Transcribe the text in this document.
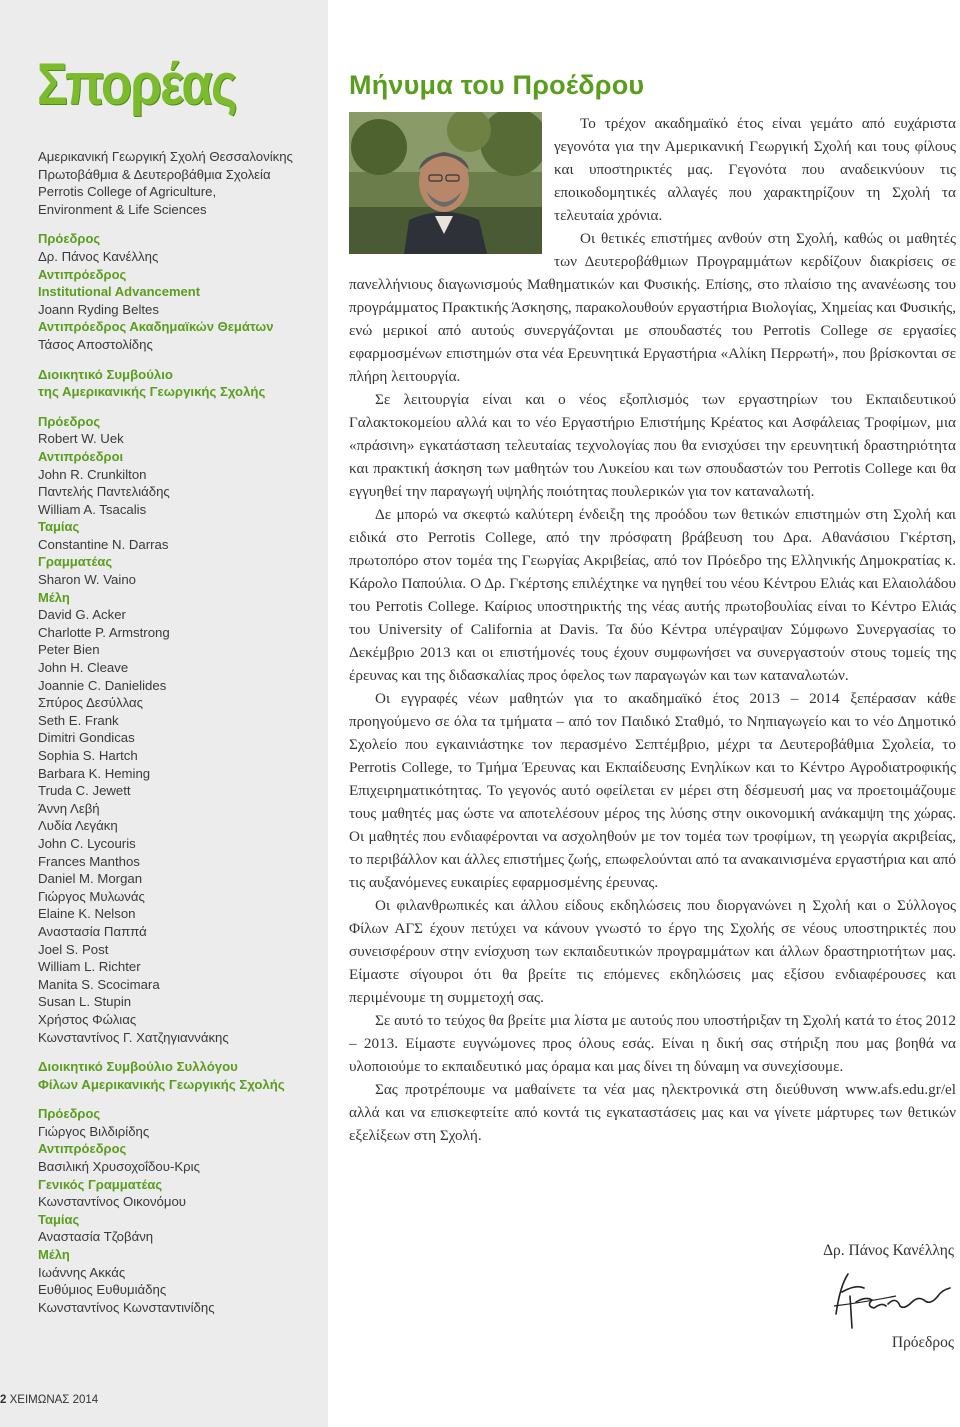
Σπορέας

Αμερικανική Γεωργική Σχολή Θεσσαλονίκης

Πρωτοβάθμια & Δευτεροβάθμια Σχολεία

Perrotis College of Agriculture,

Environment & Life Sciences

Πρόεδρος

Δρ. Πάνος Κανέλλης

Αντιπρόεδρος

Institutional Advancement

Joann Ryding Beltes

Αντιπρόεδρος Ακαδημαϊκών Θεμάτων

Τάσος Αποστολίδης

Διοικητικό Συμβούλιο

της Αμερικανικής Γεωργικής Σχολής

Πρόεδρος

Robert W. Uek

Αντιπρόεδροι

John R. Crunkilton

Παντελής Παντελιάδης

William A. Tsacalis

Ταμίας

Constantine N. Darras

Γραμματέας

Sharon W. Vaino

Μέλη

David G. Acker

Charlotte P. Armstrong

Peter Bien

John H. Cleave

Joannie C. Danielides

Σπύρος Δεσύλλας

Seth E. Frank

Dimitri Gondicas

Sophia S. Hartch

Barbara K. Heming

Truda C. Jewett

Άννη Λεβή

Λυδία Λεγάκη

John C. Lycouris

Frances Manthos

Daniel M. Morgan

Γιώργος Μυλωνάς

Elaine K. Nelson

Αναστασία Παππά

Joel S. Post

William L. Richter

Manita S. Scocimara

Susan L. Stupin

Χρήστος Φώλιας

Κωνσταντίνος Γ. Χατζηγιαννάκης

Διοικητικό Συμβούλιο Συλλόγου

Φίλων Αμερικανικής Γεωργικής Σχολής

Πρόεδρος

Γιώργος Βιλδιρίδης

Αντιπρόεδρος

Βασιλική Χρυσοχοΐδου-Κρις

Γενικός Γραμματέας

Κωνσταντίνος Οικονόμου

Ταμίας

Αναστασία Τζοβάνη

Μέλη

Ιωάννης Ακκάς

Ευθύμιος Ευθυμιάδης

Κωνσταντίνος Κωνσταντινίδης

2 ΧΕΙΜΩΝΑΣ 2014
Μήνυμα του Προέδρου

Το τρέχον ακαδημαϊκό έτος είναι γεμάτο από ευχάριστα γεγονότα για την Αμερικανική Γεωργική Σχολή και τους φίλους και υποστηρικτές μας. Γεγονότα που αναδεικνύουν τις εποικοδομητικές αλλαγές που χαρακτηρίζουν τη Σχολή τα τελευταία χρόνια.

Οι θετικές επιστήμες ανθούν στη Σχολή, καθώς οι μαθητές των Δευτεροβάθμιων Προγραμμάτων κερδίζουν διακρίσεις σε πανελλήνιους διαγωνισμούς Μαθηματικών και Φυσικής. Επίσης, στο πλαίσιο της ανανέωσης του προγράμματος Πρακτικής Άσκησης, παρακολουθούν εργαστήρια Βιολογίας, Χημείας και Φυσικής, ενώ μερικοί από αυτούς συνεργάζονται με σπουδαστές του Perrotis College σε εργασίες εφαρμοσμένων επιστημών στα νέα Ερευνητικά Εργαστήρια «Αλίκη Περρωτή», που βρίσκονται σε πλήρη λειτουργία.

Σε λειτουργία είναι και ο νέος εξοπλισμός των εργαστηρίων του Εκπαιδευτικού Γαλακτοκομείου αλλά και το νέο Εργαστήριο Επιστήμης Κρέατος και Ασφάλειας Τροφίμων, μια «πράσινη» εγκατάσταση τελευταίας τεχνολογίας που θα ενισχύσει την ερευνητική δραστηριότητα και πρακτική άσκηση των μαθητών του Λυκείου και των σπουδαστών του Perrotis College και θα εγγυηθεί την παραγωγή υψηλής ποιότητας πουλερικών για τον καταναλωτή.

Δε μπορώ να σκεφτώ καλύτερη ένδειξη της προόδου των θετικών επιστημών στη Σχολή και ειδικά στο Perrotis College, από την πρόσφατη βράβευση του Δρα. Αθανάσιου Γκέρτση, πρωτοπόρο στον τομέα της Γεωργίας Ακριβείας, από τον Πρόεδρο της Ελληνικής Δημοκρατίας κ. Κάρολο Παπούλια. Ο Δρ. Γκέρτσης επιλέχτηκε να ηγηθεί του νέου Κέντρου Ελιάς και Ελαιολάδου του Perrotis College. Καίριος υποστηρικτής της νέας αυτής πρωτοβουλίας είναι το Κέντρο Ελιάς του University of California at Davis. Τα δύο Κέντρα υπέγραψαν Σύμφωνο Συνεργασίας το Δεκέμβριο 2013 και οι επιστήμονές τους έχουν συμφωνήσει να συνεργαστούν στους τομείς της έρευνας και της διδασκαλίας προς όφελος των παραγωγών και των καταναλωτών.

Οι εγγραφές νέων μαθητών για το ακαδημαϊκό έτος 2013 – 2014 ξεπέρασαν κάθε προηγούμενο σε όλα τα τμήματα – από τον Παιδικό Σταθμό, το Νηπιαγωγείο και το νέο Δημοτικό Σχολείο που εγκαινιάστηκε τον περασμένο Σεπτέμβριο, μέχρι τα Δευτεροβάθμια Σχολεία, το Perrotis College, το Τμήμα Έρευνας και Εκπαίδευσης Ενηλίκων και το Κέντρο Αγροδιατροφικής Επιχειρηματικότητας. Το γεγονός αυτό οφείλεται εν μέρει στη δέσμευσή μας να προετοιμάζουμε τους μαθητές μας ώστε να αποτελέσουν μέρος της λύσης στην οικονομική ανάκαμψη της χώρας. Οι μαθητές που ενδιαφέρονται να ασχοληθούν με τον τομέα των τροφίμων, τη γεωργία ακριβείας, το περιβάλλον και άλλες επιστήμες ζωής, επωφελούνται από τα ανακαινισμένα εργαστήρια και από τις αυξανόμενες ευκαιρίες εφαρμοσμένης έρευνας.

Οι φιλανθρωπικές και άλλου είδους εκδηλώσεις που διοργανώνει η Σχολή και ο Σύλλογος Φίλων ΑΓΣ έχουν πετύχει να κάνουν γνωστό το έργο της Σχολής σε νέους υποστηρικτές που συνεισφέρουν στην ενίσχυση των εκπαιδευτικών προγραμμάτων και άλλων δραστηριοτήτων μας. Είμαστε σίγουροι ότι θα βρείτε τις επόμενες εκδηλώσεις μας εξίσου ενδιαφέρουσες και περιμένουμε τη συμμετοχή σας.

Σε αυτό το τεύχος θα βρείτε μια λίστα με αυτούς που υποστήριξαν τη Σχολή κατά το έτος 2012 – 2013. Είμαστε ευγνώμονες προς όλους εσάς. Είναι η δική σας στήριξη που μας βοηθά να υλοποιούμε το εκπαιδευτικό μας όραμα και μας δίνει τη δύναμη να συνεχίσουμε.

Σας προτρέπουμε να μαθαίνετε τα νέα μας ηλεκτρονικά στη διεύθυνση www.afs.edu.gr/el αλλά και να επισκεφτείτε από κοντά τις εγκαταστάσεις μας και να γίνετε μάρτυρες των θετικών εξελίξεων στη Σχολή.

Δρ. Πάνος Κανέλλης
Πρόεδρος
